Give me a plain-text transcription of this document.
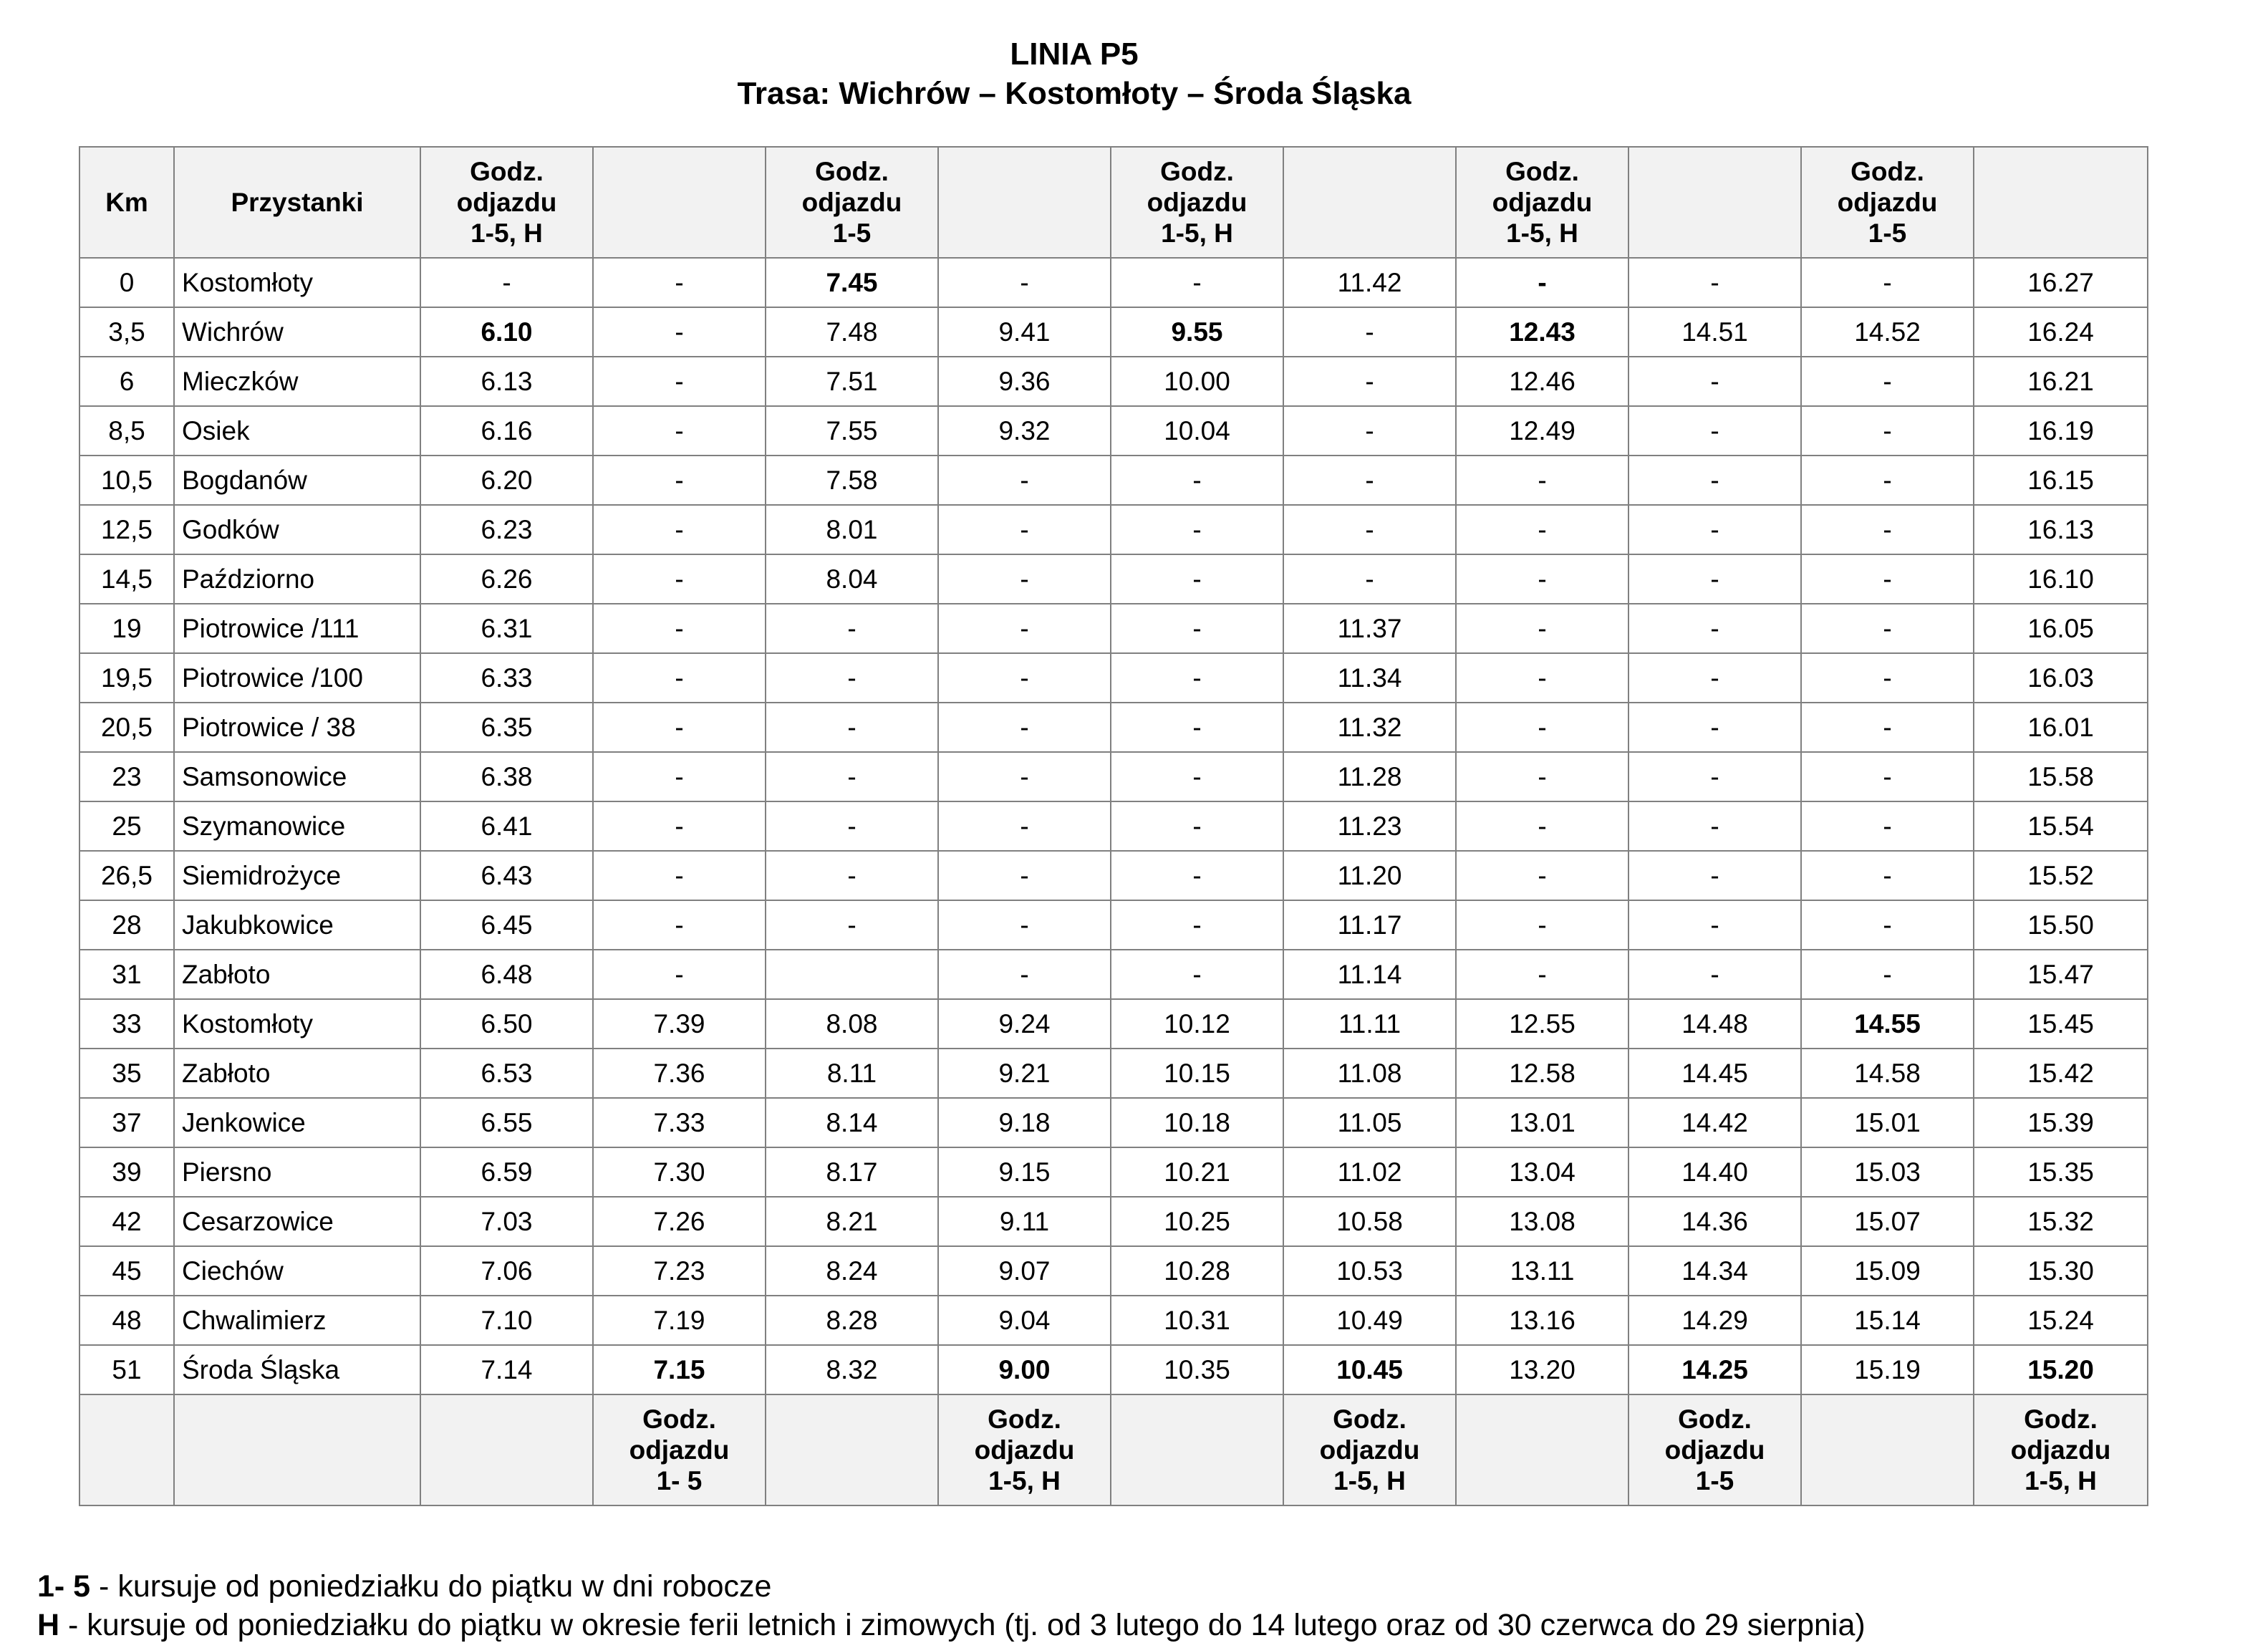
LINIA P5
Trasa: Wichrów – Kostomłoty – Środa Śląska
Km	Przystanki	Godz.
odjazdu
1-5, H		Godz.
odjazdu
1-5		Godz.
odjazdu
1-5, H		Godz.
odjazdu
1-5, H		Godz.
odjazdu
1-5	
0	Kostomłoty	-	-	7.45	-	-	11.42	-	-	-	16.27
3,5	Wichrów	6.10	-	7.48	9.41	9.55	-	12.43	14.51	14.52	16.24
6	Mieczków	6.13	-	7.51	9.36	10.00	-	12.46	-	-	16.21
8,5	Osiek	6.16	-	7.55	9.32	10.04	-	12.49	-	-	16.19
10,5	Bogdanów	6.20	-	7.58	-	-	-	-	-	-	16.15
12,5	Godków	6.23	-	8.01	-	-	-	-	-	-	16.13
14,5	Paździorno	6.26	-	8.04	-	-	-	-	-	-	16.10
19	Piotrowice /111	6.31	-	-	-	-	11.37	-	-	-	16.05
19,5	Piotrowice /100	6.33	-	-	-	-	11.34	-	-	-	16.03
20,5	Piotrowice / 38	6.35	-	-	-	-	11.32	-	-	-	16.01
23	Samsonowice	6.38	-	-	-	-	11.28	-	-	-	15.58
25	Szymanowice	6.41	-	-	-	-	11.23	-	-	-	15.54
26,5	Siemidrożyce	6.43	-	-	-	-	11.20	-	-	-	15.52
28	Jakubkowice	6.45	-	-	-	-	11.17	-	-	-	15.50
31	Zabłoto	6.48	-		-	-	11.14	-	-	-	15.47
33	Kostomłoty	6.50	7.39	8.08	9.24	10.12	11.11	12.55	14.48	14.55	15.45
35	Zabłoto	6.53	7.36	8.11	9.21	10.15	11.08	12.58	14.45	14.58	15.42
37	Jenkowice	6.55	7.33	8.14	9.18	10.18	11.05	13.01	14.42	15.01	15.39
39	Piersno	6.59	7.30	8.17	9.15	10.21	11.02	13.04	14.40	15.03	15.35
42	Cesarzowice	7.03	7.26	8.21	9.11	10.25	10.58	13.08	14.36	15.07	15.32
45	Ciechów	7.06	7.23	8.24	9.07	10.28	10.53	13.11	14.34	15.09	15.30
48	Chwalimierz	7.10	7.19	8.28	9.04	10.31	10.49	13.16	14.29	15.14	15.24
51	Środa Śląska	7.14	7.15	8.32	9.00	10.35	10.45	13.20	14.25	15.19	15.20
			Godz.
odjazdu
1- 5		Godz.
odjazdu
1-5, H		Godz.
odjazdu
1-5, H		Godz.
odjazdu
1-5		Godz.
odjazdu
1-5, H
1- 5 - kursuje od poniedziałku do piątku w dni robocze
H - kursuje od poniedziałku do piątku w okresie ferii letnich i zimowych (tj. od 3 lutego do 14 lutego oraz od 30 czerwca do 29 sierpnia)
